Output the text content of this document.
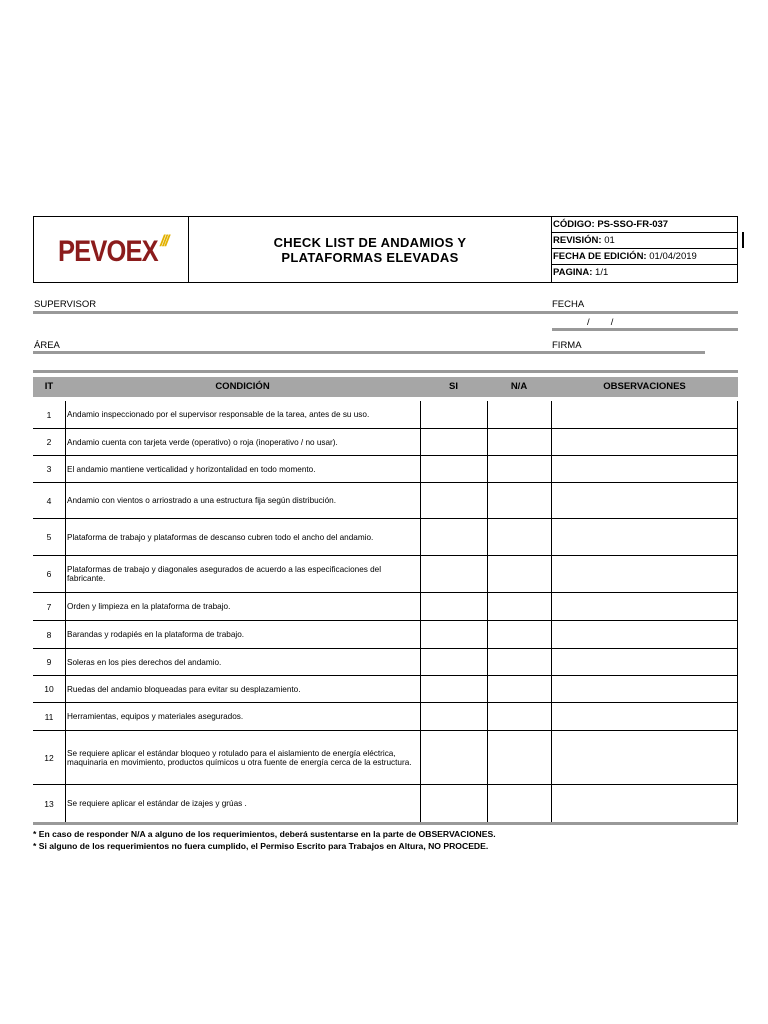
PEVOEX ///	CHECK LIST DE ANDAMIOS Y PLATAFORMAS ELEVADAS
CÓDIGO: PS-SSO-FR-037
REVISIÓN: 01
FECHA DE EDICIÓN: 01/04/2019
PAGINA: 1/1
SUPERVISOR	FECHA
/        /
ÁREA	FIRMA
IT	CONDICIÓN	SI	N/A	OBSERVACIONES
1	Andamio inspeccionado por el supervisor responsable de la tarea, antes de su uso.
2	Andamio cuenta con tarjeta verde (operativo) o roja (inoperativo / no usar).
3	El andamio mantiene verticalidad y horizontalidad en todo momento.
4	Andamio con vientos o arriostrado a una estructura fija según distribución.
5	Plataforma de trabajo y plataformas de descanso cubren todo el ancho del andamio.
6	Plataformas de trabajo y diagonales asegurados de acuerdo a las especificaciones del fabricante.
7	Orden y limpieza en la plataforma de trabajo.
8	Barandas y rodapiés en la plataforma de trabajo.
9	Soleras en los pies derechos del andamio.
10	Ruedas del andamio bloqueadas para evitar su desplazamiento.
11	Herramientas, equipos y materiales asegurados.
12	Se requiere aplicar el estándar bloqueo y rotulado para el aislamiento de energía eléctrica, maquinaria en movimiento, productos químicos u otra fuente de energía cerca de la estructura.
13	Se requiere aplicar el estándar de izajes y grúas .
* En caso de responder N/A a alguno de los requerimientos, deberá sustentarse en la parte de OBSERVACIONES.
* Si alguno de los requerimientos no fuera cumplido, el Permiso Escrito para Trabajos en Altura, NO PROCEDE.
